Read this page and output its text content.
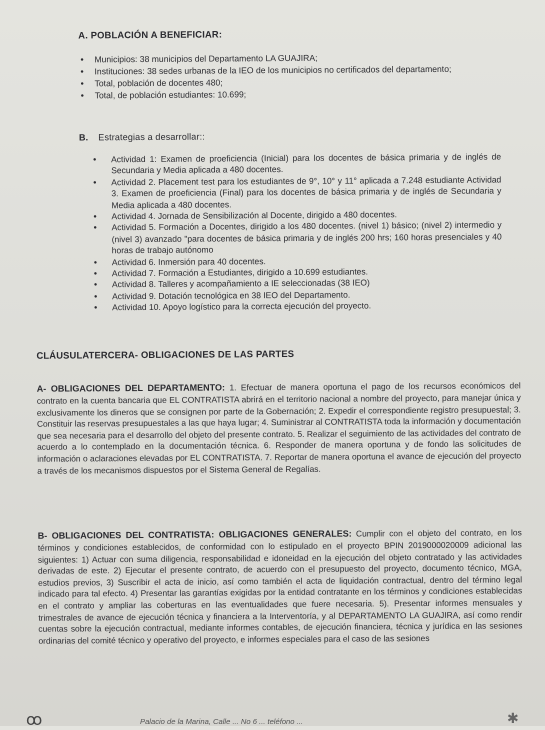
A. POBLACIÓN A BENEFICIAR:

• Municipios: 38 municipios del Departamento LA GUAJIRA;
• Instituciones: 38 sedes urbanas de la IEO de los municipios no certificados del departamento;
• Total, población de docentes 480;
• Total, de población estudiantes: 10.699;

B. Estrategias a desarrollar::

• Actividad 1: Examen de proeficiencia (Inicial) para los docentes de básica primaria y de inglés de Secundaria y Media aplicada a 480 docentes.
• Actividad 2. Placement test para los estudiantes de 9°, 10° y 11° aplicada a 7.248 estudiante Actividad 3. Examen de proeficiencia (Final) para los docentes de básica primaria y de inglés de Secundaria y Media aplicada a 480 docentes.
• Actividad 4. Jornada de Sensibilización al Docente, dirigido a 480 docentes.
• Actividad 5. Formación a Docentes, dirigido a los 480 docentes. (nivel 1) básico; (nivel 2) intermedio y (nivel 3) avanzado "para docentes de básica primaria y de inglés 200 hrs; 160 horas presenciales y 40 horas de trabajo autónomo
• Actividad 6. Inmersión para 40 docentes.
• Actividad 7. Formación a Estudiantes, dirigido a 10.699 estudiantes.
• Actividad 8. Talleres y acompañamiento a IE seleccionadas (38 IEO)
• Actividad 9. Dotación tecnológica en 38 IEO del Departamento.
• Actividad 10. Apoyo logístico para la correcta ejecución del proyecto.

CLÁUSULATERCERA- OBLIGACIONES DE LAS PARTES

A- OBLIGACIONES DEL DEPARTAMENTO: 1. Efectuar de manera oportuna el pago de los recursos económicos del contrato en la cuenta bancaria que EL CONTRATISTA abrirá en el territorio nacional a nombre del proyecto, para manejar única y exclusivamente los dineros que se consignen por parte de la Gobernación; 2. Expedir el correspondiente registro presupuestal; 3. Constituir las reservas presupuestales a las que haya lugar; 4. Suministrar al CONTRATISTA toda la información y documentación que sea necesaria para el desarrollo del objeto del presente contrato. 5. Realizar el seguimiento de las actividades del contrato de acuerdo a lo contemplado en la documentación técnica. 6. Responder de manera oportuna y de fondo las solicitudes de información o aclaraciones elevadas por EL CONTRATISTA. 7. Reportar de manera oportuna el avance de ejecución del proyecto a través de los mecanismos dispuestos por el Sistema General de Regalías.

B- OBLIGACIONES DEL CONTRATISTA: OBLIGACIONES GENERALES: Cumplir con el objeto del contrato, en los términos y condiciones establecidos, de conformidad con lo estipulado en el proyecto BPIN 2019000020009 adicional las siguientes: 1) Actuar con suma diligencia, responsabilidad e idoneidad en la ejecución del objeto contratado y las actividades derivadas de este. 2) Ejecutar el presente contrato, de acuerdo con el presupuesto del proyecto, documento técnico, MGA, estudios previos, 3) Suscribir el acta de inicio, así como también el acta de liquidación contractual, dentro del término legal indicado para tal efecto. 4) Presentar las garantías exigidas por la entidad contratante en los términos y condiciones establecidas en el contrato y ampliar las coberturas en las eventualidades que fuere necesaria. 5). Presentar informes mensuales y trimestrales de avance de ejecución técnica y financiera a la Interventoría, y al DEPARTAMENTO LA GUAJIRA, así como rendir cuentas sobre la ejecución contractual, mediante informes contables, de ejecución financiera, técnica y jurídica en las sesiones ordinarias del comité técnico y operativo del proyecto, e informes especiales para el caso de las sesiones

ꝏ	Palacio de la Marina, Calle ... No 6 ... teléfono ...	✱
